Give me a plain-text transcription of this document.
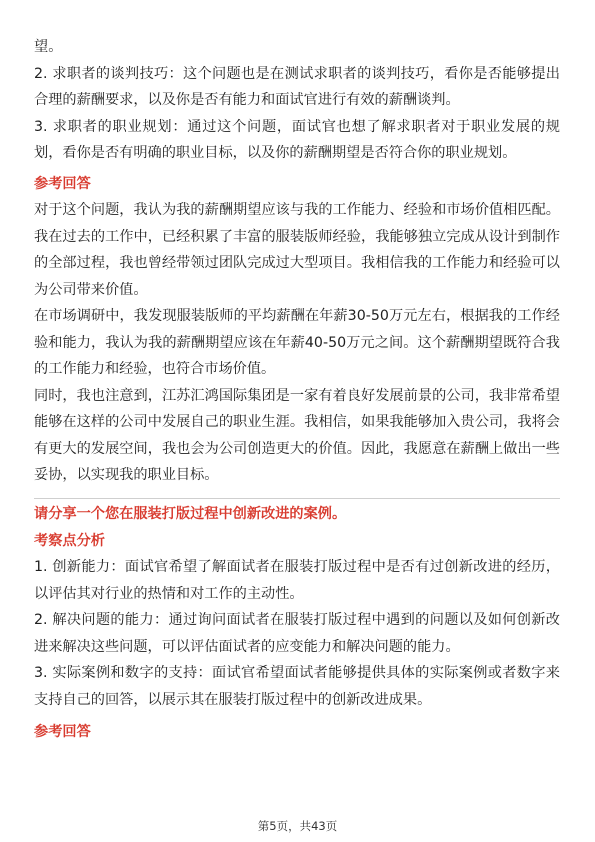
望。

2. 求职者的谈判技巧：这个问题也是在测试求职者的谈判技巧，看你是否能够提出合理的薪酬要求，以及你是否有能力和面试官进行有效的薪酬谈判。

3. 求职者的职业规划：通过这个问题，面试官也想了解求职者对于职业发展的规划，看你是否有明确的职业目标，以及你的薪酬期望是否符合你的职业规划。

参考回答

对于这个问题，我认为我的薪酬期望应该与我的工作能力、经验和市场价值相匹配。我在过去的工作中，已经积累了丰富的服装版师经验，我能够独立完成从设计到制作的全部过程，我也曾经带领过团队完成过大型项目。我相信我的工作能力和经验可以为公司带来价值。

在市场调研中，我发现服装版师的平均薪酬在年薪30-50万元左右，根据我的工作经验和能力，我认为我的薪酬期望应该在年薪40-50万元之间。这个薪酬期望既符合我的工作能力和经验，也符合市场价值。

同时，我也注意到，江苏汇鸿国际集团是一家有着良好发展前景的公司，我非常希望能够在这样的公司中发展自己的职业生涯。我相信，如果我能够加入贵公司，我将会有更大的发展空间，我也会为公司创造更大的价值。因此，我愿意在薪酬上做出一些妥协，以实现我的职业目标。

请分享一个您在服装打版过程中创新改进的案例。
考察点分析

1. 创新能力：面试官希望了解面试者在服装打版过程中是否有过创新改进的经历，以评估其对行业的热情和对工作的主动性。

2. 解决问题的能力：通过询问面试者在服装打版过程中遇到的问题以及如何创新改进来解决这些问题，可以评估面试者的应变能力和解决问题的能力。

3. 实际案例和数字的支持：面试官希望面试者能够提供具体的实际案例或者数字来支持自己的回答，以展示其在服装打版过程中的创新改进成果。

参考回答
第5页，共43页
